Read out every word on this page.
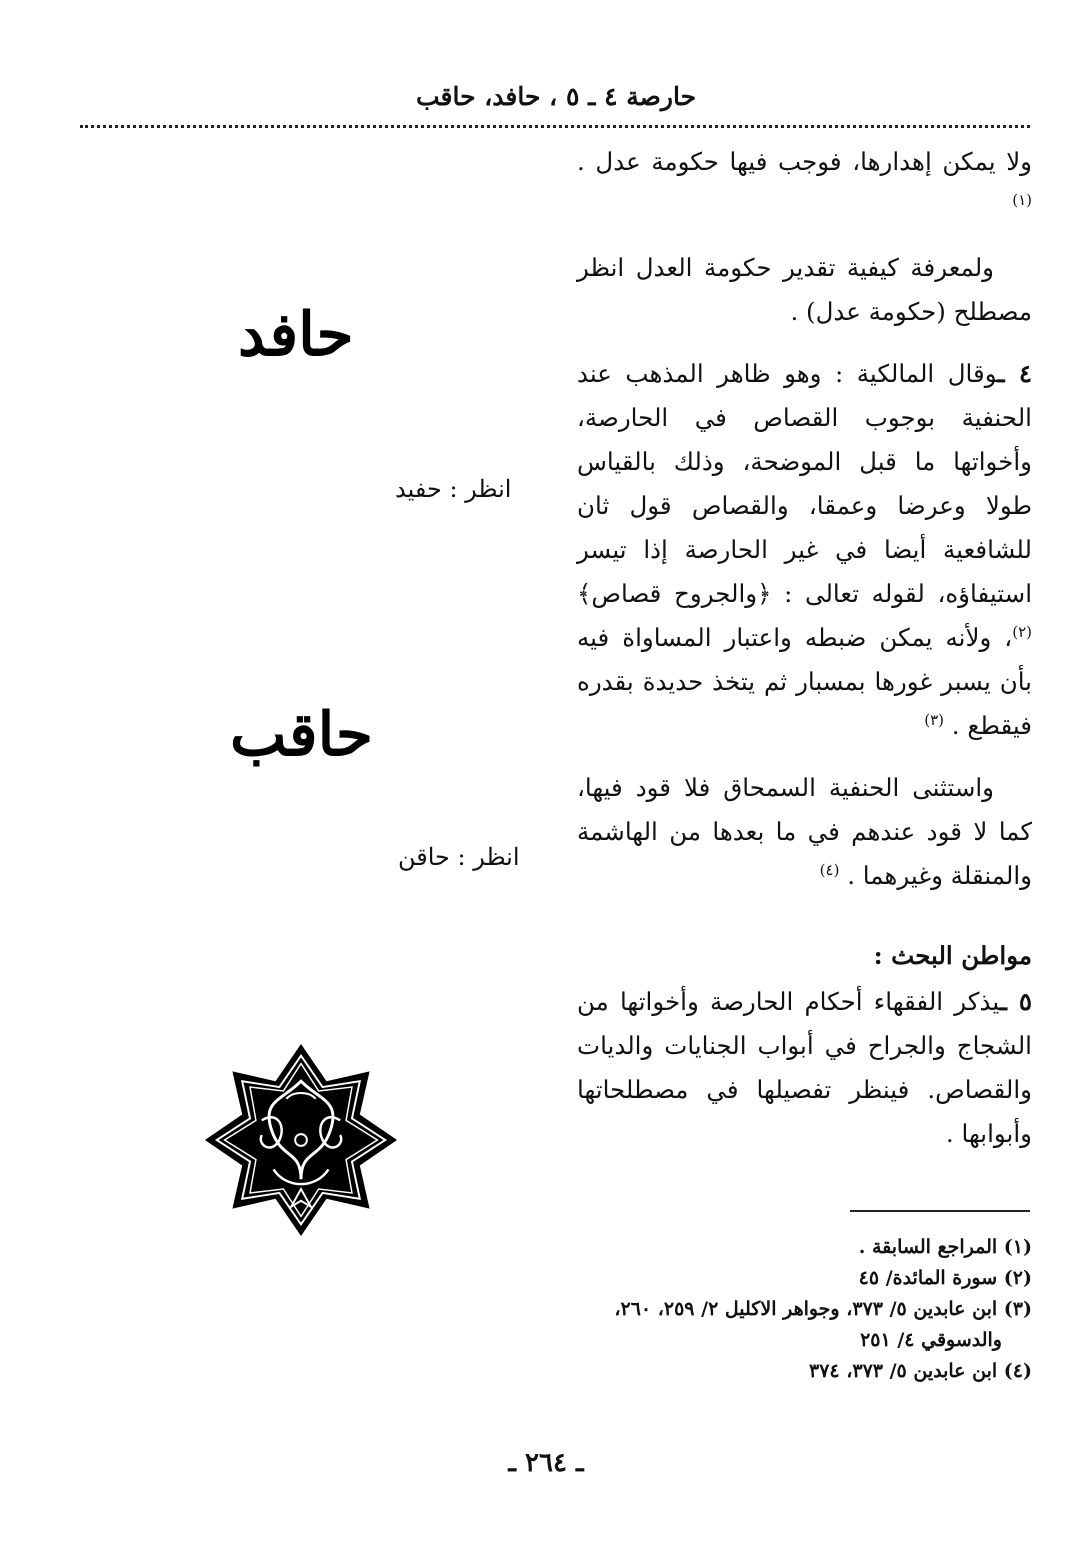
حارصة ٤ ـ ٥ ، حافد، حاقب

ولا يمكن إهدارها، فوجب فيها حكومة عدل . $^{(١)}$

ولمعرفة كيفية تقدير حكومة العدل انظر مصطلح (حكومة عدل) .

٤ ـوقال المالكية : وهو ظاهر المذهب عند الحنفية بوجوب القصاص في الحارصة، وأخواتها ما قبل الموضحة، وذلك بالقياس طولا وعرضا وعمقا، والقصاص قول ثان للشافعية أيضا في غير الحارصة إذا تيسر استيفاؤه، لقوله تعالى : ﴿والجروح قصاص﴾ $^{(٢)}$، ولأنه يمكن ضبطه واعتبار المساواة فيه بأن يسبر غورها بمسبار ثم يتخذ حديدة بقدره فيقطع . $^{(٣)}$

واستثنى الحنفية السمحاق فلا قود فيها، كما لا قود عندهم في ما بعدها من الهاشمة والمنقلة وغيرهما . $^{(٤)}$

مواطن البحث :

٥ ـيذكر الفقهاء أحكام الحارصة وأخواتها من الشجاج والجراح في أبواب الجنايات والديات والقصاص. فينظر تفصيلها في مصطلحاتها وأبوابها .

حافد
انظر : حفيد
حاقب
انظر : حاقن

(١) المراجع السابقة .

(٢) سورة المائدة/ ٤٥

(٣) ابن عابدين ٥/ ٣٧٣، وجواهر الاكليل ٢/ ٢٥٩، ٢٦٠،

والدسوقي ٤/ ٢٥١

(٤) ابن عابدين ٥/ ٣٧٣، ٣٧٤

ـ ٢٦٤ ـ
